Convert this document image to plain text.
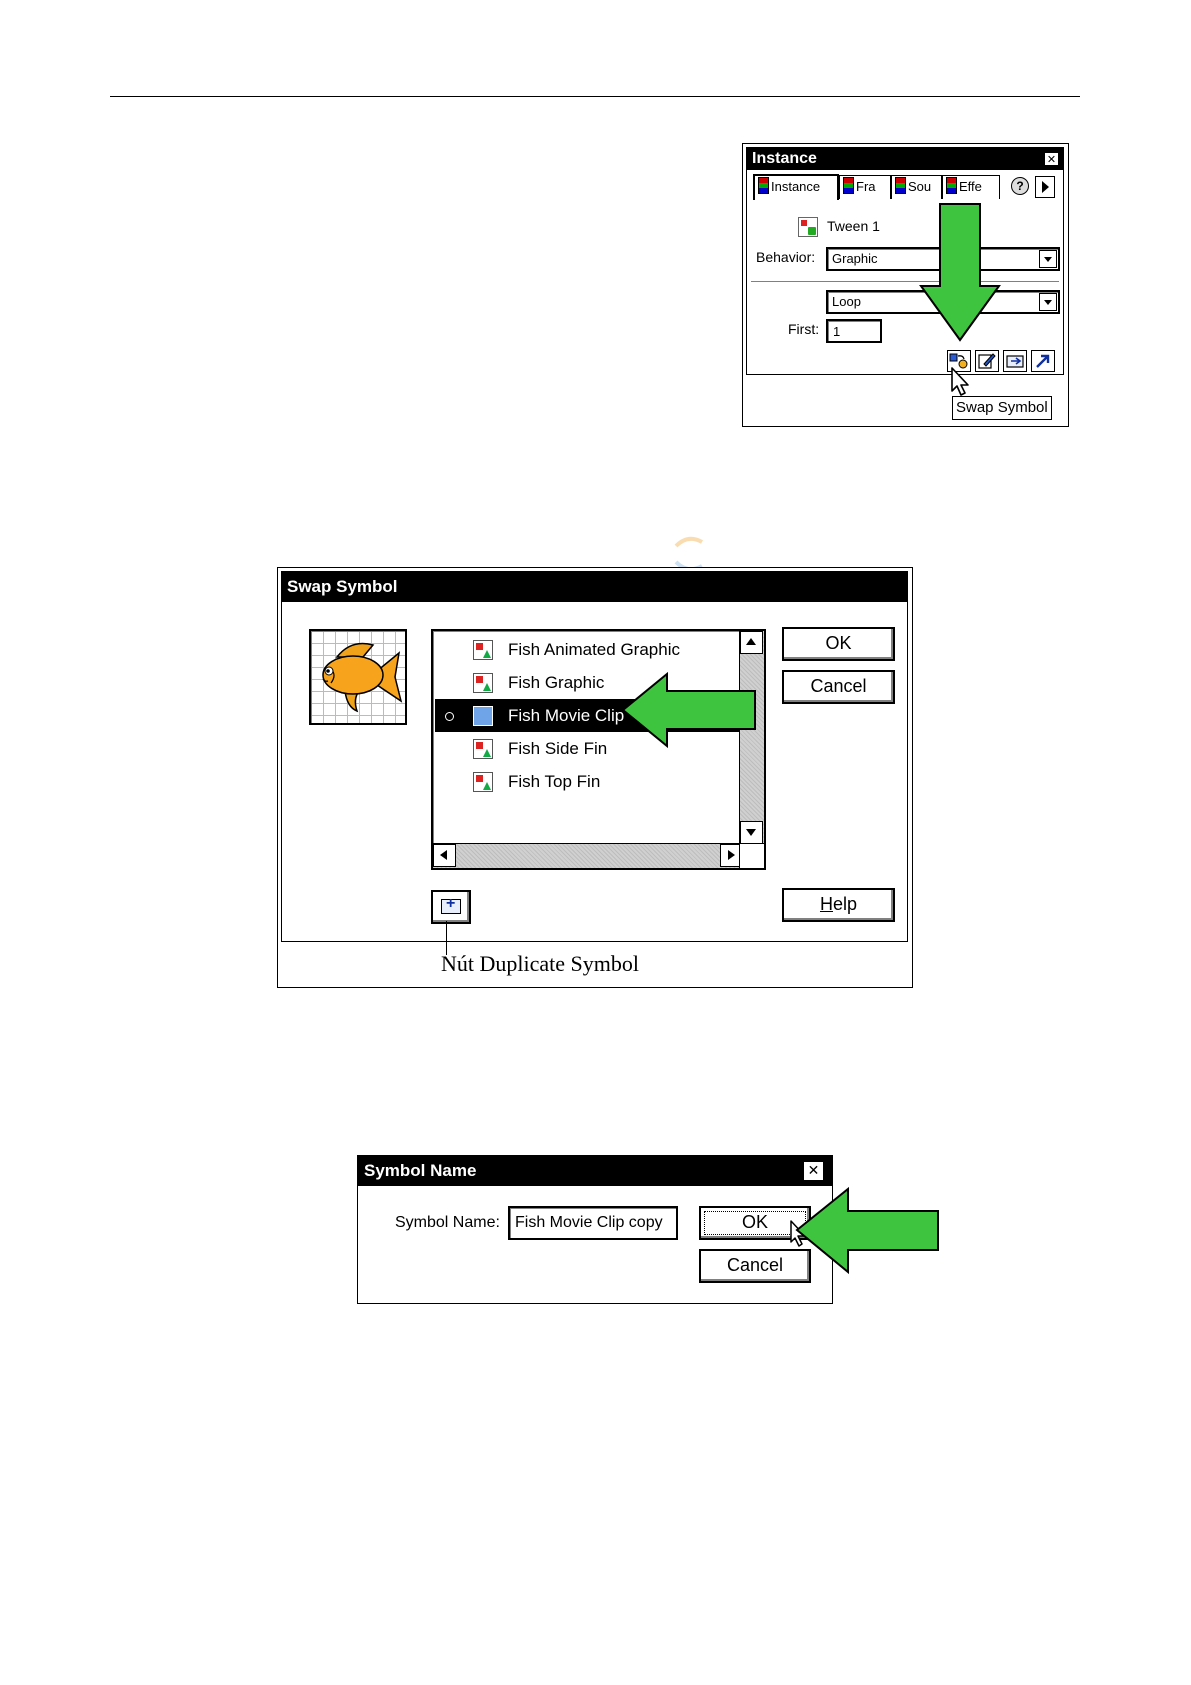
Instance	✕
Instance	Fra	Sou	Effe	?
Tween 1
Behavior:	Graphic
Loop
First:	1
Swap Symbol
Swap Symbol
Fish Animated Graphic
Fish Graphic
Fish Movie Clip
Fish Side Fin
Fish Top Fin
OK
Cancel
Help
+
Nút Duplicate Symbol
Symbol Name	✕
Symbol Name: Fish Movie Clip copy	OK
Cancel
